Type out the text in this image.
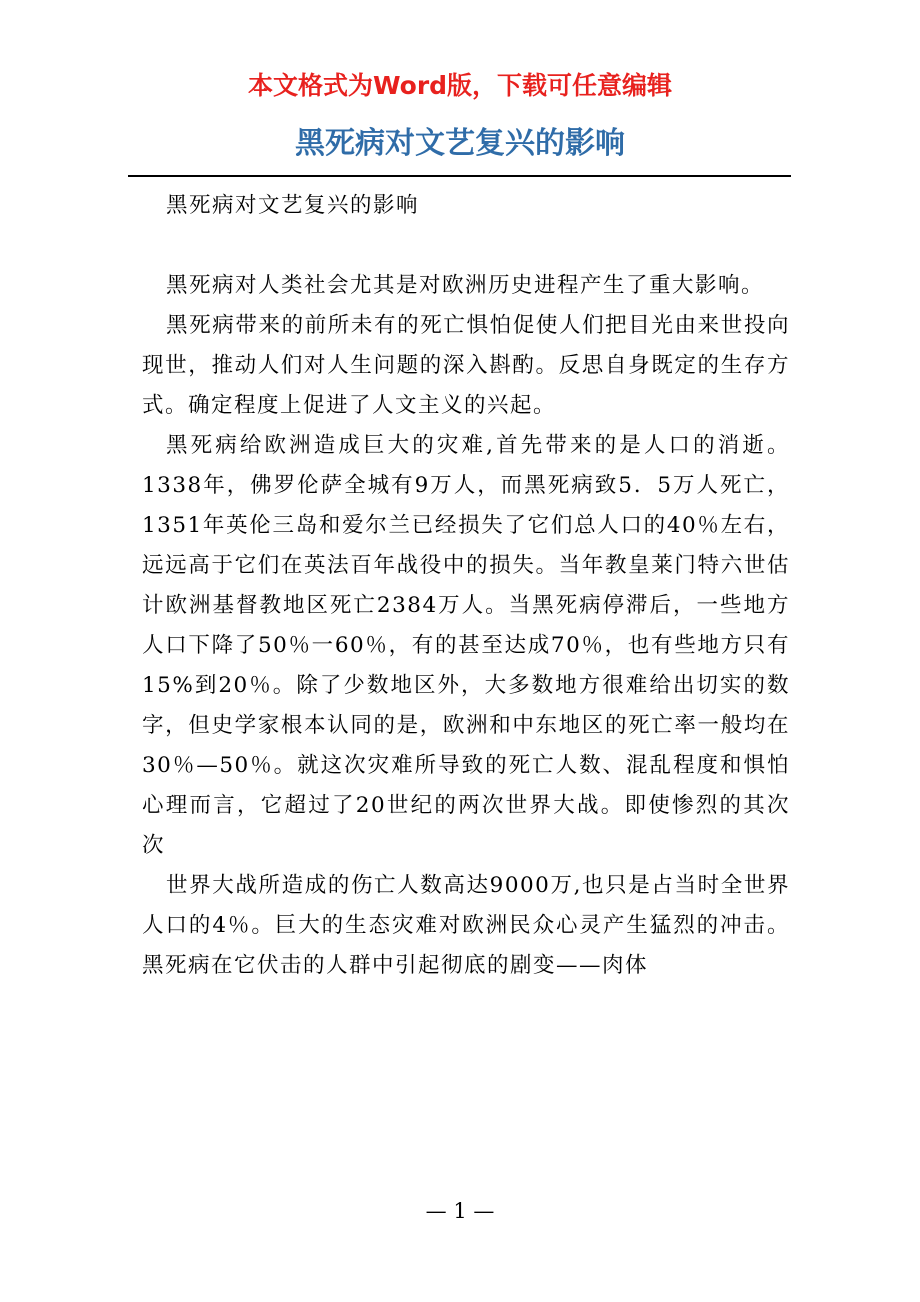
本文格式为Word版，下载可任意编辑
黑死病对文艺复兴的影响

黑死病对文艺复兴的影响

黑死病对人类社会尤其是对欧洲历史进程产生了重大影响。

黑死病带来的前所未有的死亡惧怕促使人们把目光由来世投向现世，推动人们对人生问题的深入斟酌。反思自身既定的生存方式。确定程度上促进了人文主义的兴起。

黑死病给欧洲造成巨大的灾难,首先带来的是人口的消逝。1338年，佛罗伦萨全城有9万人，而黑死病致5．5万人死亡，1351年英伦三岛和爱尔兰已经损失了它们总人口的40％左右，远远高于它们在英法百年战役中的损失。当年教皇莱门特六世估计欧洲基督教地区死亡2384万人。当黑死病停滞后，一些地方人口下降了50％一60％，有的甚至达成70％，也有些地方只有15%到20％。除了少数地区外，大多数地方很难给出切实的数字，但史学家根本认同的是，欧洲和中东地区的死亡率一般均在30％—50％。就这次灾难所导致的死亡人数、混乱程度和惧怕心理而言，它超过了20世纪的两次世界大战。即使惨烈的其次次

世界大战所造成的伤亡人数高达9000万,也只是占当时全世界人口的4％。巨大的生态灾难对欧洲民众心灵产生猛烈的冲击。黑死病在它伏击的人群中引起彻底的剧变——肉体

— 1 —
